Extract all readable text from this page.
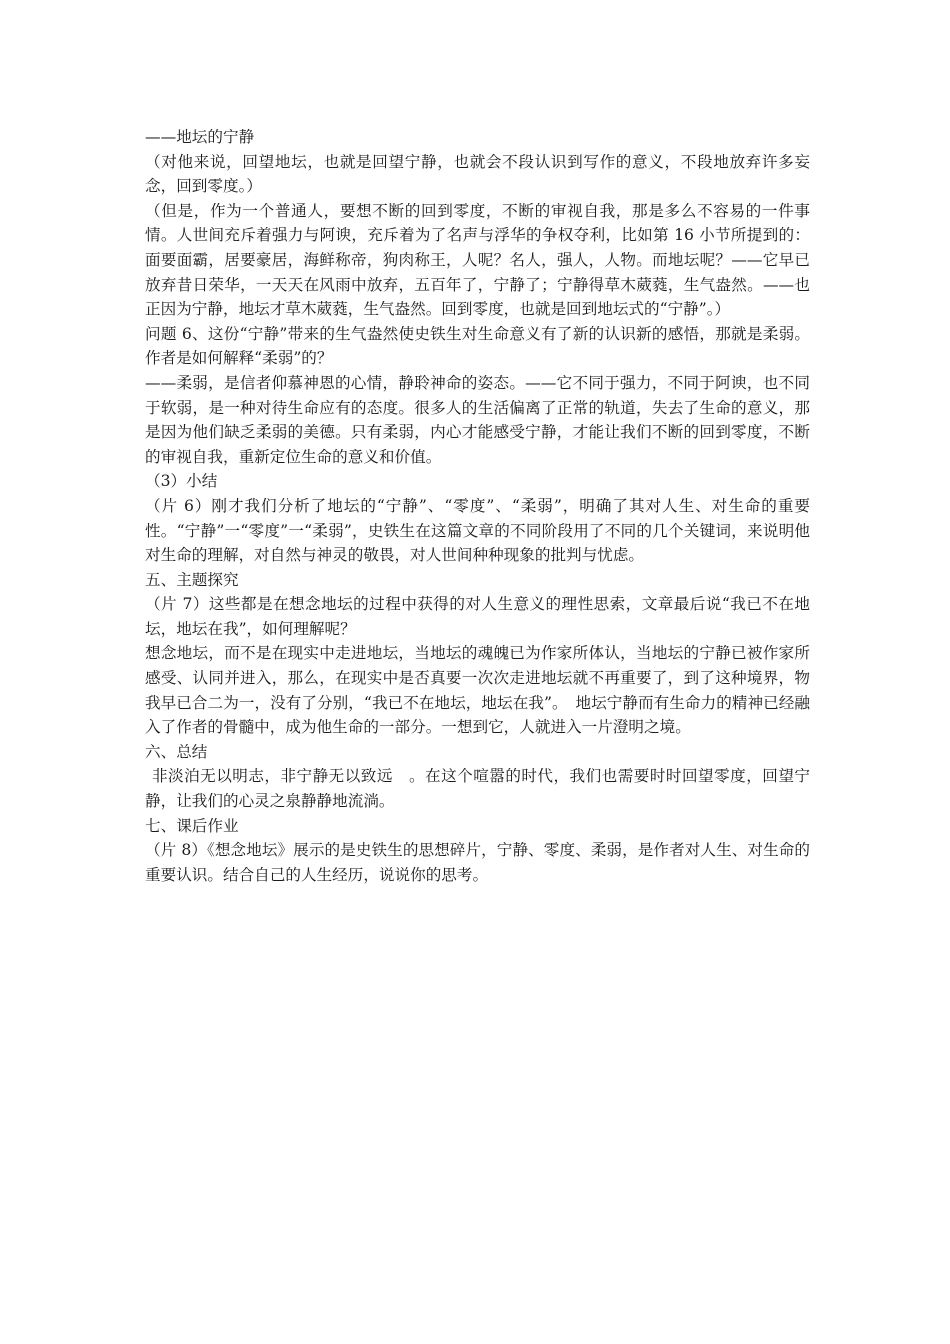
——地坛的宁静

（对他来说，回望地坛，也就是回望宁静，也就会不段认识到写作的意义，不段地放弃许多妄念，回到零度。）

（但是，作为一个普通人，要想不断的回到零度，不断的审视自我，那是多么不容易的一件事情。人世间充斥着强力与阿谀，充斥着为了名声与浮华的争权夺利，比如第 16 小节所提到的：面要面霸，居要豪居，海鲜称帝，狗肉称王，人呢？名人，强人，人物。而地坛呢？——它早已放弃昔日荣华，一天天在风雨中放弃，五百年了，宁静了；宁静得草木葳蕤，生气盎然。——也正因为宁静，地坛才草木葳蕤，生气盎然。回到零度，也就是回到地坛式的“宁静”。）

问题 6、这份“宁静”带来的生气盎然使史铁生对生命意义有了新的认识新的感悟，那就是柔弱。作者是如何解释“柔弱”的？

——柔弱，是信者仰慕神恩的心情，静聆神命的姿态。——它不同于强力，不同于阿谀，也不同于软弱，是一种对待生命应有的态度。很多人的生活偏离了正常的轨道，失去了生命的意义，那是因为他们缺乏柔弱的美德。只有柔弱，内心才能感受宁静，才能让我们不断的回到零度，不断的审视自我，重新定位生命的意义和价值。

（3）小结

（片 6）刚才我们分析了地坛的“宁静”、“零度”、“柔弱”，明确了其对人生、对生命的重要性。“宁静”一“零度”一“柔弱”，史铁生在这篇文章的不同阶段用了不同的几个关键词，来说明他对生命的理解，对自然与神灵的敬畏，对人世间种种现象的批判与忧虑。

五、主题探究

（片 7）这些都是在想念地坛的过程中获得的对人生意义的理性思索，文章最后说“我已不在地坛，地坛在我”，如何理解呢？

想念地坛，而不是在现实中走进地坛，当地坛的魂魄已为作家所体认，当地坛的宁静已被作家所感受、认同并进入，那么，在现实中是否真要一次次走进地坛就不再重要了，到了这种境界，物我早已合二为一，没有了分别，“我已不在地坛，地坛在我”。　地坛宁静而有生命力的精神已经融入了作者的骨髓中，成为他生命的一部分。一想到它，人就进入一片澄明之境。

六、总结

非淡泊无以明志，非宁静无以致远　。在这个喧嚣的时代，我们也需要时时回望零度，回望宁静，让我们的心灵之泉静静地流淌。

七、课后作业

（片 8）《想念地坛》展示的是史铁生的思想碎片，宁静、零度、柔弱，是作者对人生、对生命的重要认识。结合自己的人生经历，说说你的思考。
